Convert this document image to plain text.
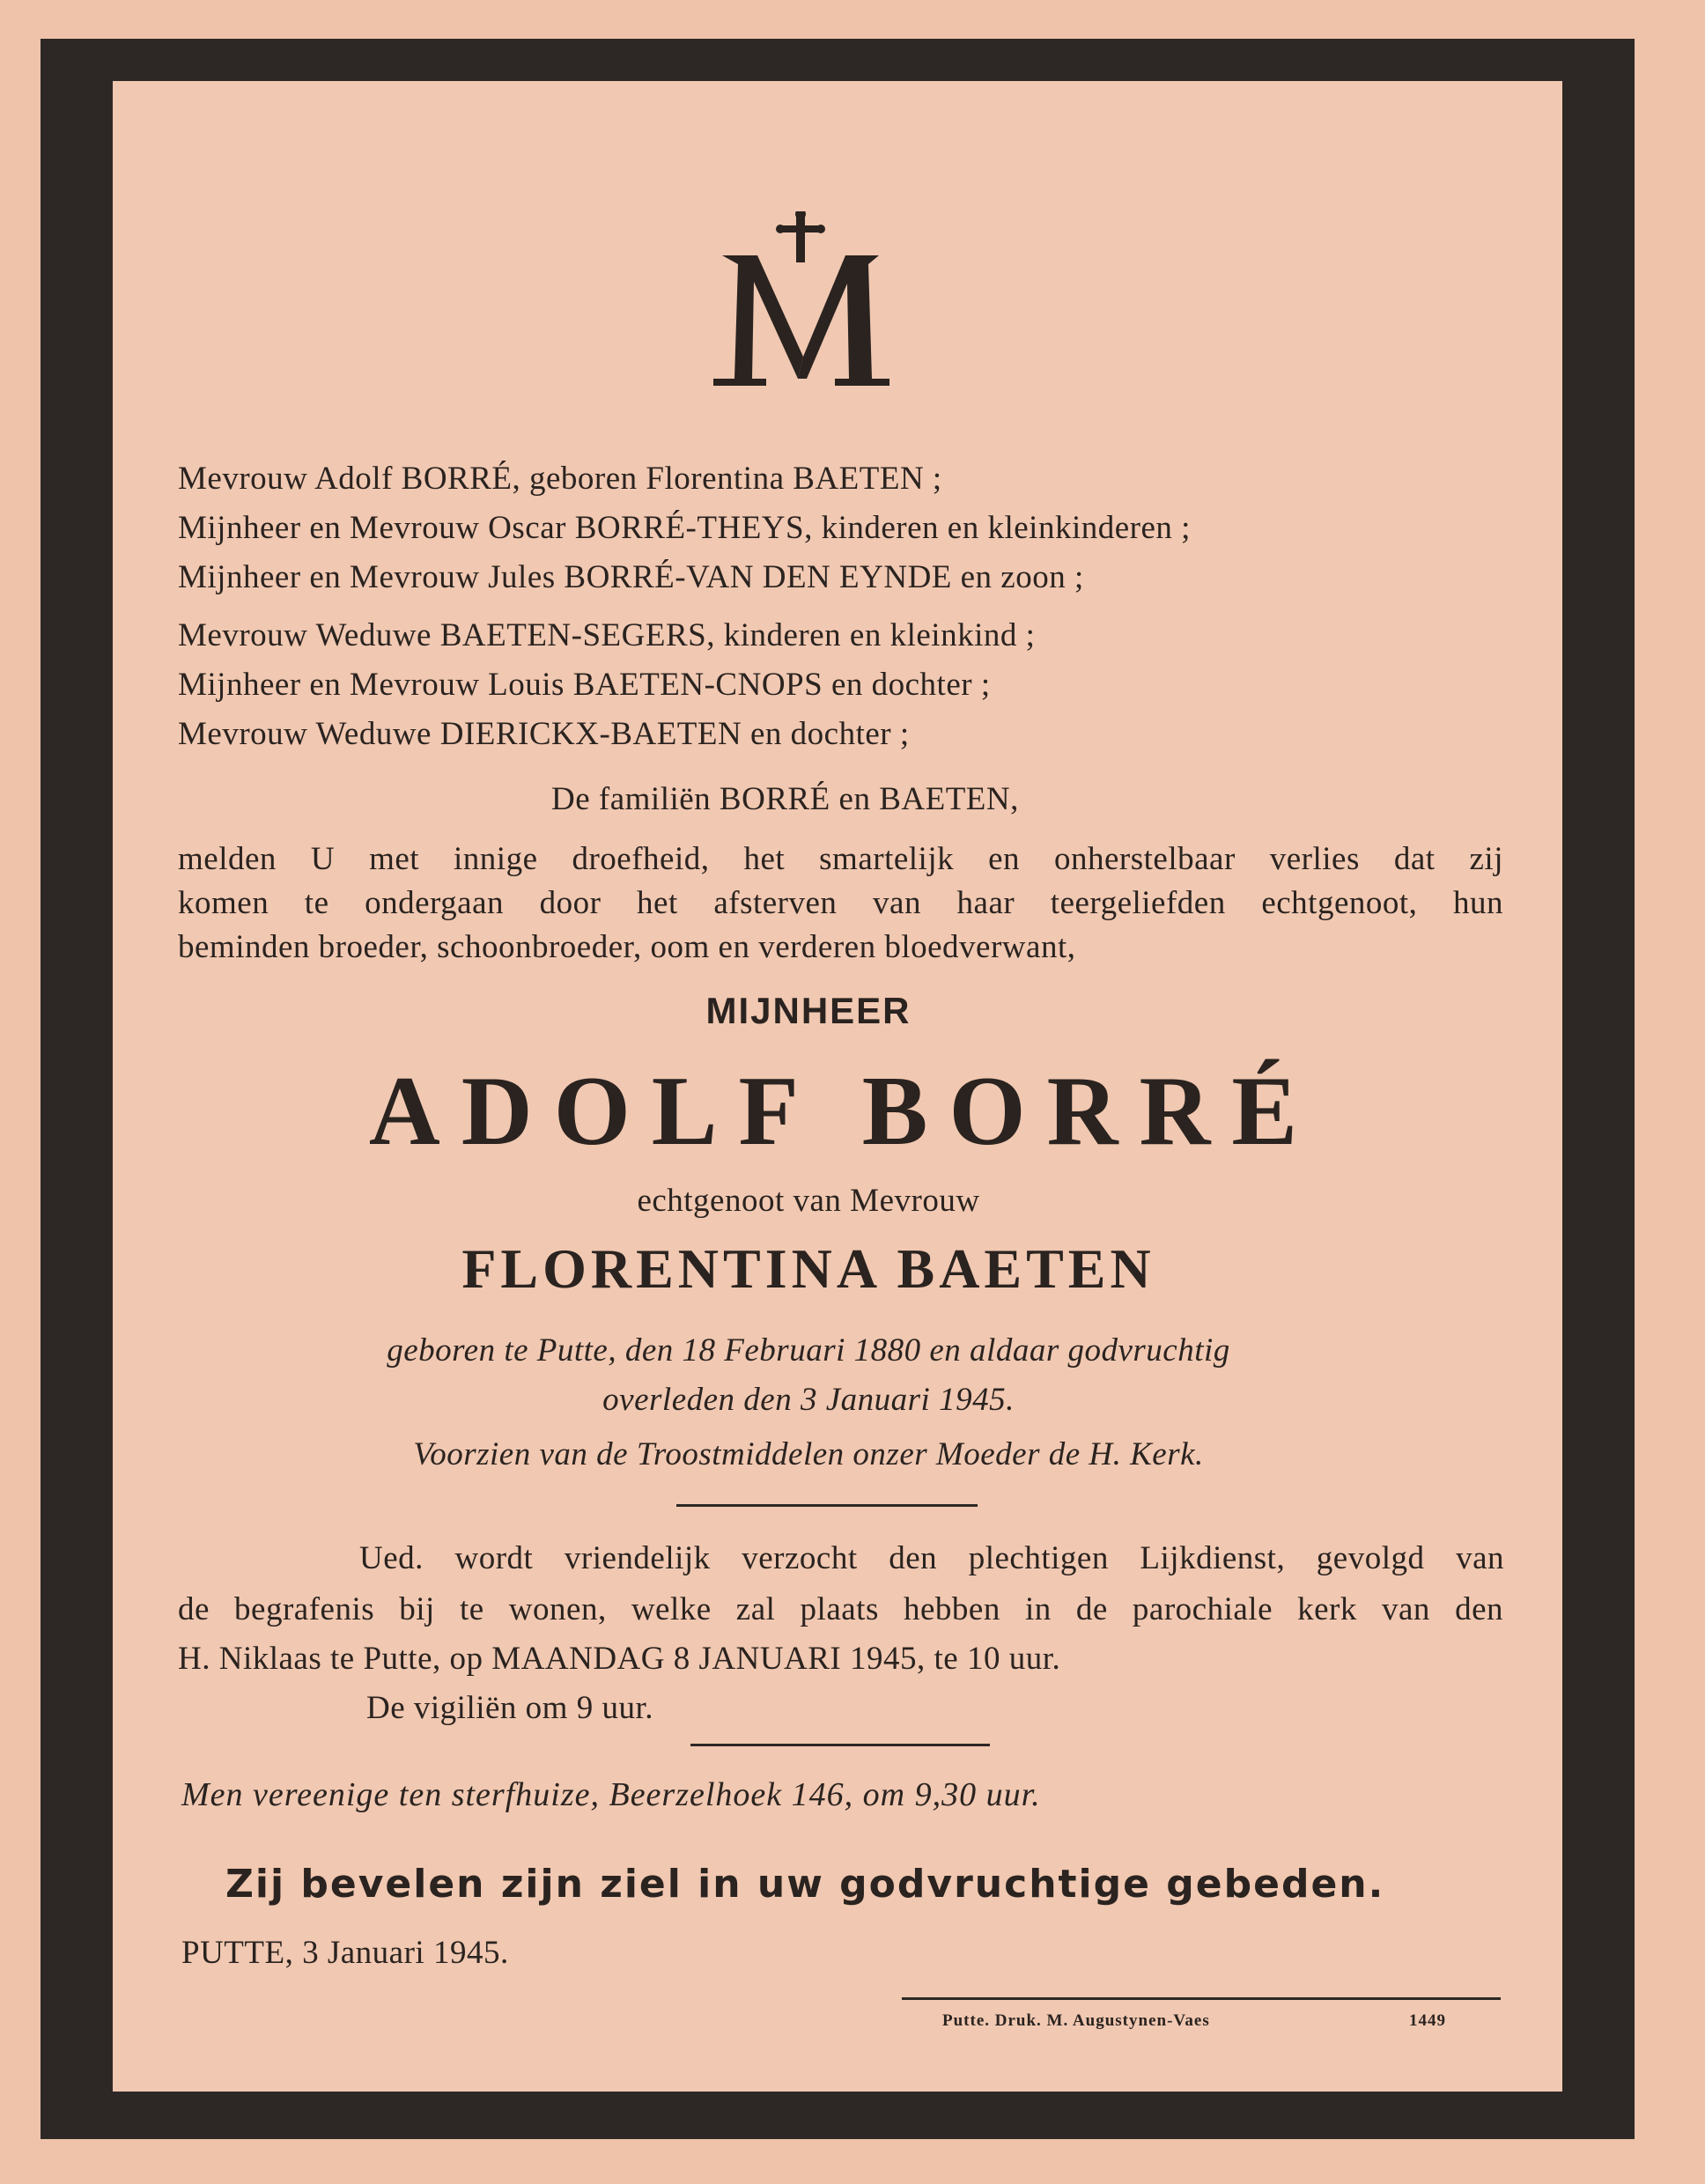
Mevrouw Adolf BORRÉ, geboren Florentina BAETEN ;
Mijnheer en Mevrouw Oscar BORRÉ-THEYS, kinderen en kleinkinderen ;
Mijnheer en Mevrouw Jules BORRÉ-VAN DEN EYNDE en zoon ;
Mevrouw Weduwe BAETEN-SEGERS, kinderen en kleinkind ;
Mijnheer en Mevrouw Louis BAETEN-CNOPS en dochter ;
Mevrouw Weduwe DIERICKX-BAETEN en dochter ;
De familiën BORRÉ en BAETEN,
melden U met innige droefheid, het smartelijk en onherstelbaar verlies dat zij
komen te ondergaan door het afsterven van haar teergeliefden echtgenoot, hun
beminden broeder, schoonbroeder, oom en verderen bloedverwant,
MIJNHEER
ADOLF BORRÉ
echtgenoot van Mevrouw
FLORENTINA BAETEN
geboren te Putte, den 18 Februari 1880 en aldaar godvruchtig
overleden den 3 Januari 1945.
Voorzien van de Troostmiddelen onzer Moeder de H. Kerk.
Ued. wordt vriendelijk verzocht den plechtigen Lijkdienst, gevolgd van
de begrafenis bij te wonen, welke zal plaats hebben in de parochiale kerk van den
H. Niklaas te Putte, op MAANDAG 8 JANUARI 1945, te 10 uur.
De vigiliën om 9 uur.
Men vereenige ten sterfhuize, Beerzelhoek 146, om 9,30 uur.
Zij bevelen zijn ziel in uw godvruchtige gebeden.
PUTTE, 3 Januari 1945.
Putte. Druk. M. Augustynen-Vaes	1449
